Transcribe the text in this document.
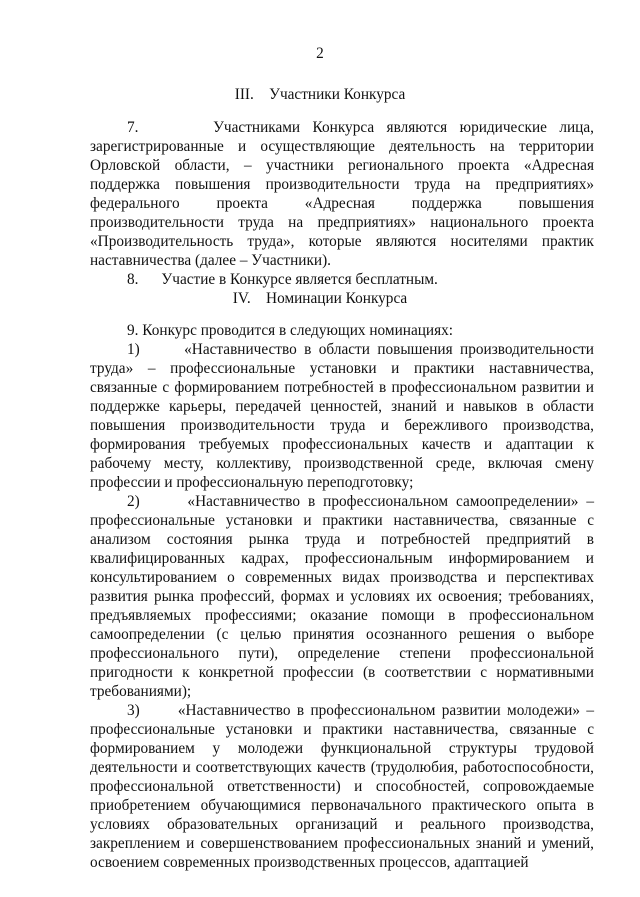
2
III.    Участники Конкурса

7.      Участниками Конкурса являются юридические лица, зарегистрированные и осуществляющие деятельность на территории Орловской области, – участники регионального проекта «Адресная поддержка повышения производительности труда на предприятиях» федерального проекта «Адресная поддержка повышения производительности труда на предприятиях» национального проекта «Производительность труда», которые являются носителями практик наставничества (далее – Участники).

8.      Участие в Конкурсе является бесплатным.

IV.    Номинации Конкурса

9. Конкурс проводится в следующих номинациях:

1)      «Наставничество в области повышения производительности труда» – профессиональные установки и практики наставничества, связанные с формированием потребностей в профессиональном развитии и поддержке карьеры, передачей ценностей, знаний и навыков в области повышения производительности труда и бережливого производства, формирования требуемых профессиональных качеств и адаптации к рабочему месту, коллективу, производственной среде, включая смену профессии и профессиональную переподготовку;

2)      «Наставничество в профессиональном самоопределении» – профессиональные установки и практики наставничества, связанные с анализом состояния рынка труда и потребностей предприятий в квалифицированных кадрах, профессиональным информированием и консультированием о современных видах производства и перспективах развития рынка профессий, формах и условиях их освоения; требованиях, предъявляемых профессиями; оказание помощи в профессиональном самоопределении (с целью принятия осознанного решения о выборе профессионального пути), определение степени профессиональной пригодности к конкретной профессии (в соответствии с нормативными требованиями);

3)      «Наставничество в профессиональном развитии молодежи» – профессиональные установки и практики наставничества, связанные с формированием у молодежи функциональной структуры трудовой деятельности и соответствующих качеств (трудолюбия, работоспособности, профессиональной ответственности) и способностей, сопровождаемые приобретением обучающимися первоначального практического опыта в условиях образовательных организаций и реального производства, закреплением и совершенствованием профессиональных знаний и умений, освоением современных производственных процессов, адаптацией
